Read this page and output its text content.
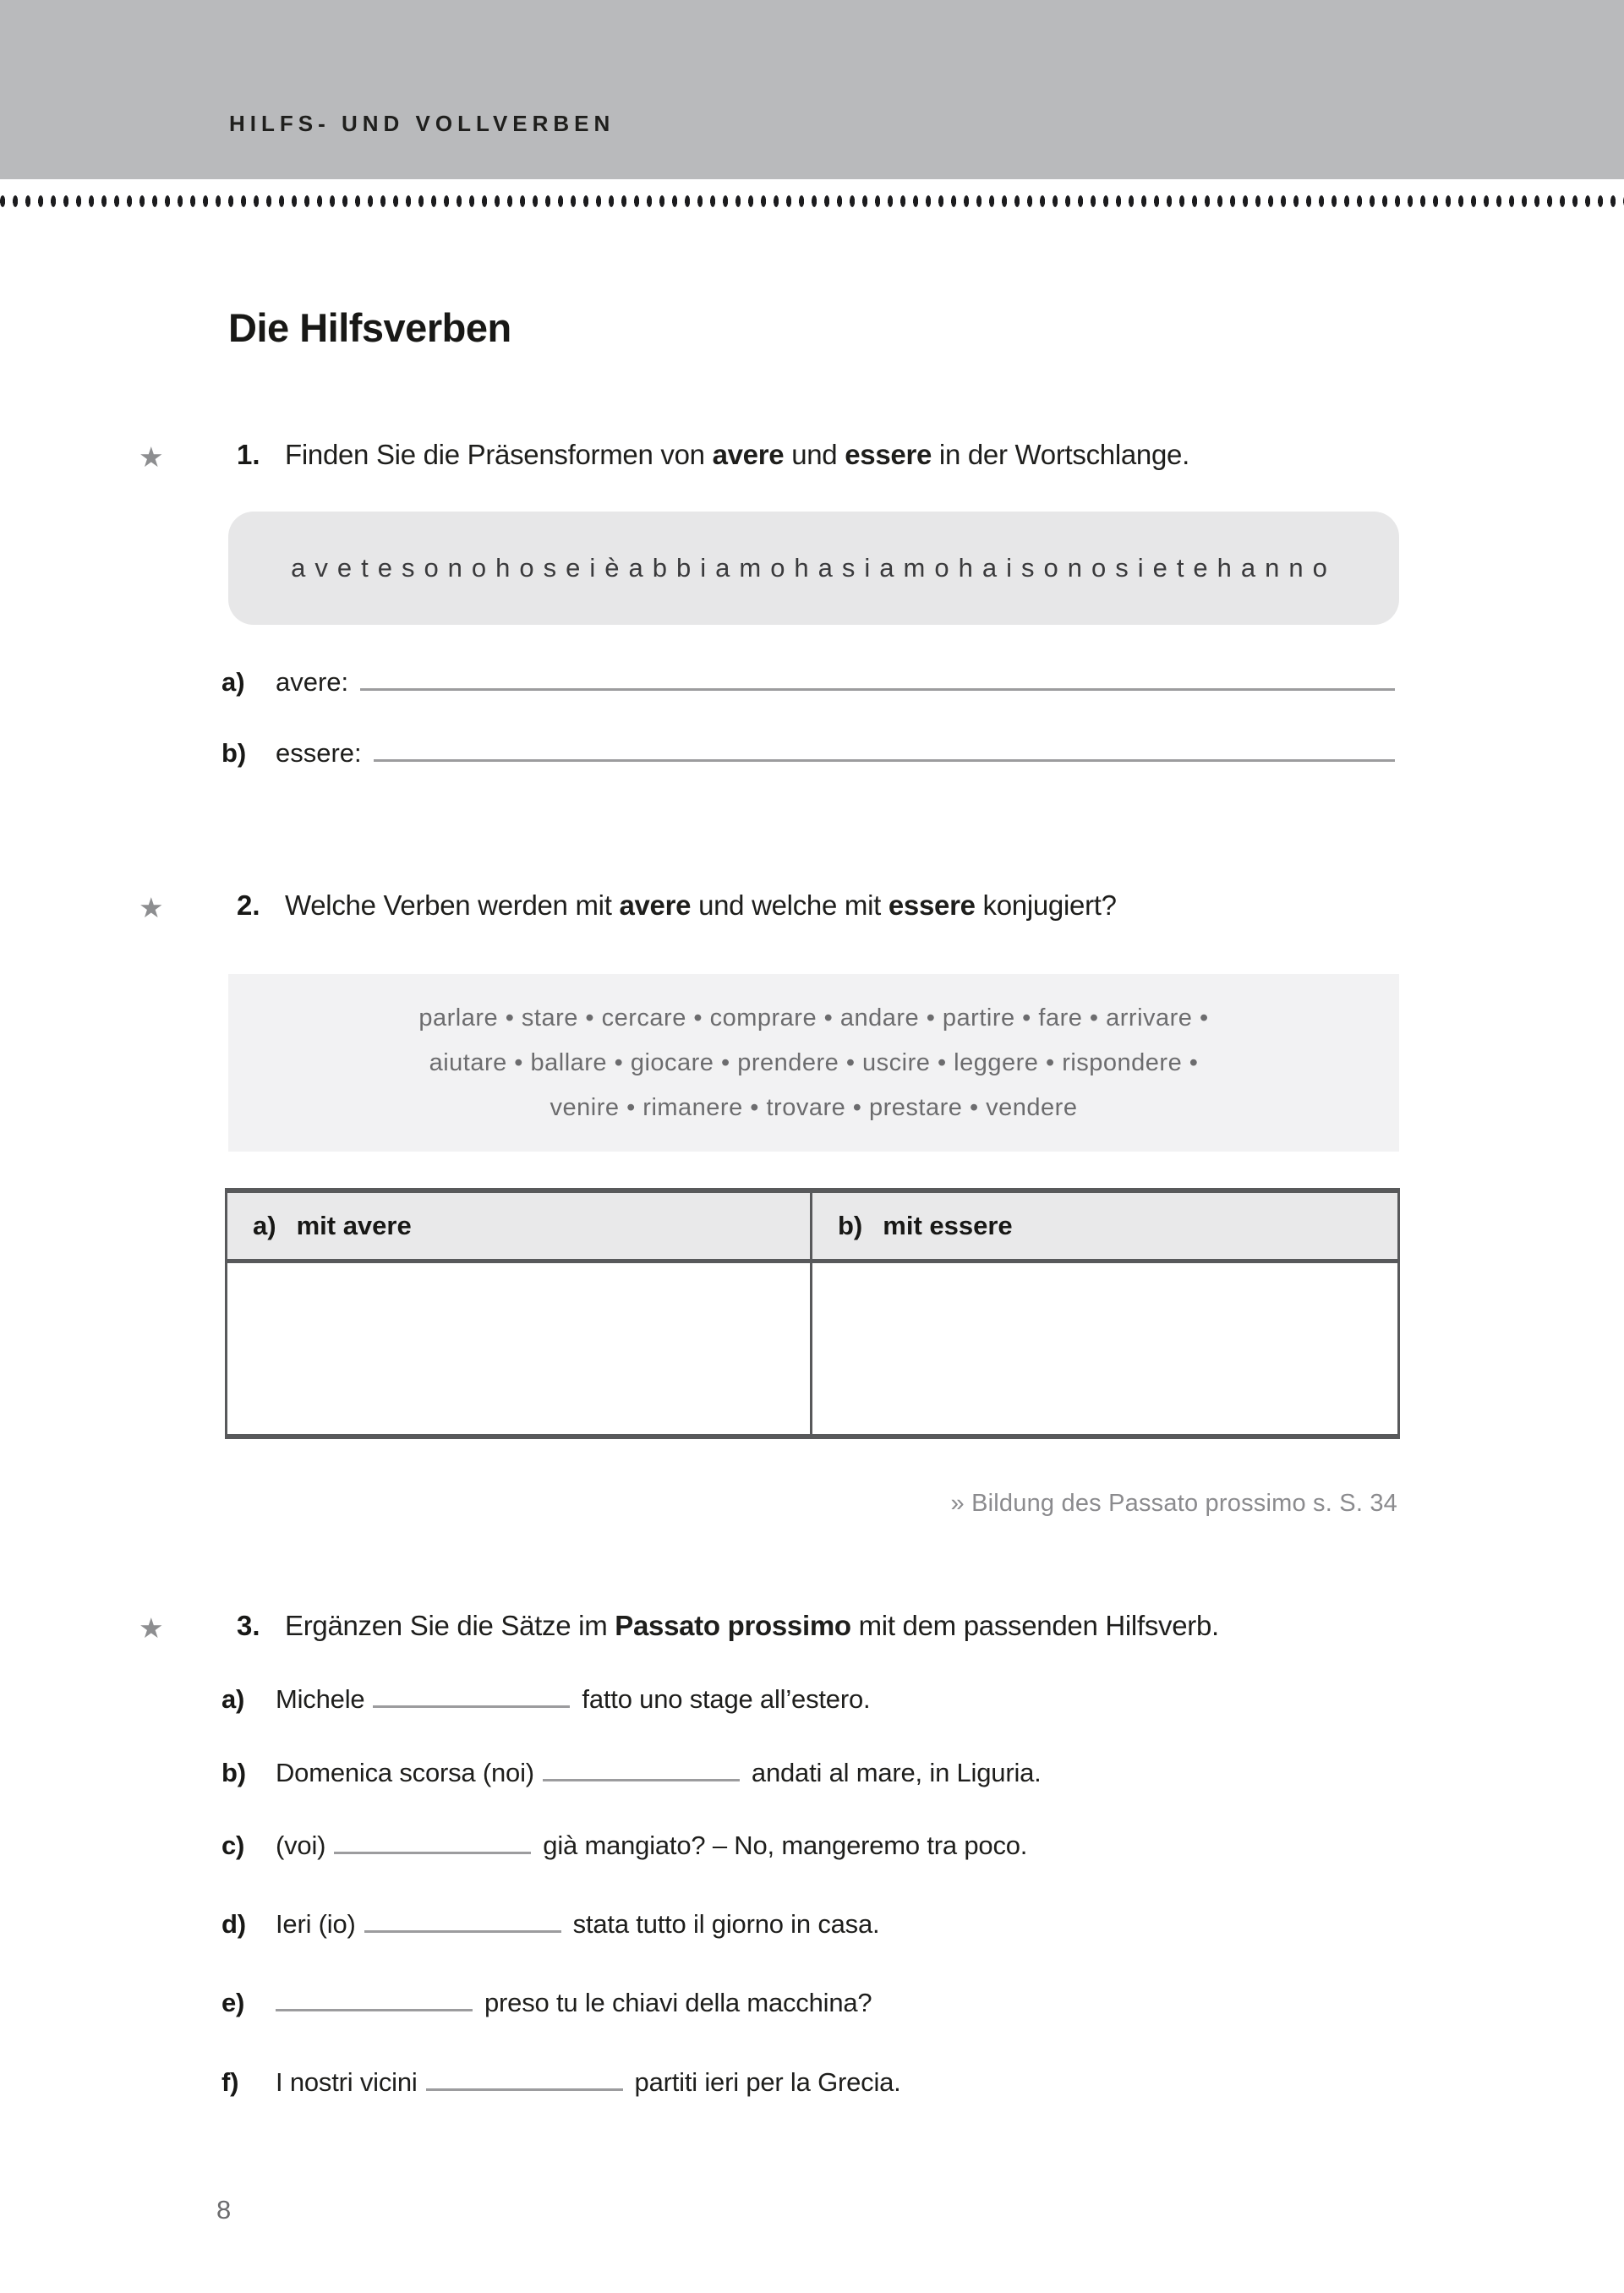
HILFS- UND VOLLVERBEN
Die Hilfsverben
★	1. Finden Sie die Präsensformen von avere und essere in der Wortschlange.
avetesonohoseièabbiamohasiamohaisonosietehanno
a)	avere:
b)	essere:
★	2. Welche Verben werden mit avere und welche mit essere konjugiert?
parlare • stare • cercare • comprare • andare • partire • fare • arrivare •
aiutare • ballare • giocare • prendere • uscire • leggere • rispondere •
venire • rimanere • trovare • prestare • vendere
a) mit avere	b) mit essere
» Bildung des Passato prossimo s. S. 34
★	3. Ergänzen Sie die Sätze im Passato prossimo mit dem passenden Hilfsverb.
a)	Michele	fatto uno stage all’estero.
b)	Domenica scorsa (noi)	andati al mare, in Liguria.
c)	(voi)	già mangiato? – No, mangeremo tra poco.
d)	Ieri (io)	stata tutto il giorno in casa.
e)	preso tu le chiavi della macchina?
f)	I nostri vicini	partiti ieri per la Grecia.
8
